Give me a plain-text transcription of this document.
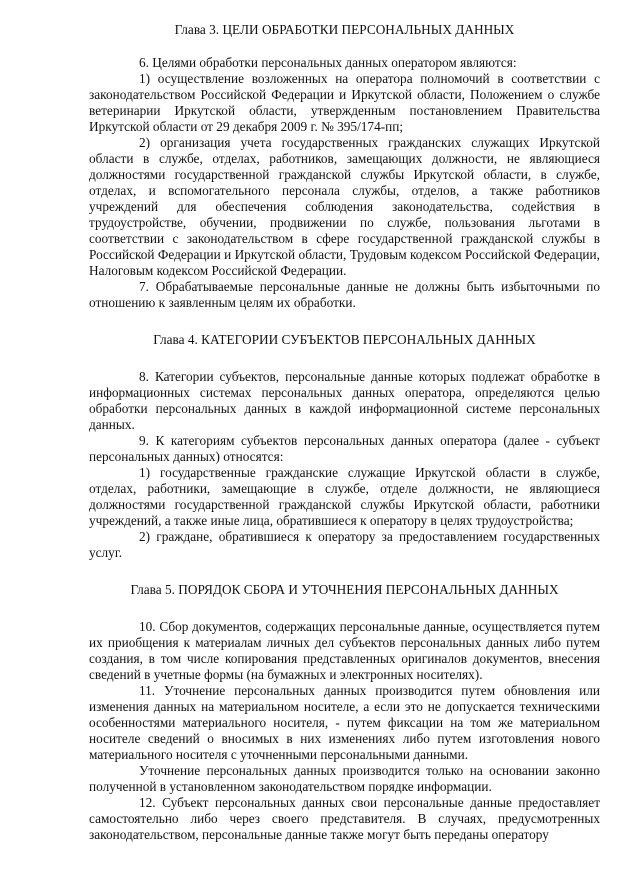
Глава 3. ЦЕЛИ ОБРАБОТКИ ПЕРСОНАЛЬНЫХ ДАННЫХ

6. Целями обработки персональных данных оператором являются:

1) осуществление возложенных на оператора полномочий в соответствии с законодательством Российской Федерации и Иркутской области, Положением о службе ветеринарии Иркутской области, утвержденным постановлением Правительства Иркутской области от 29 декабря 2009 г. № 395/174-пп;

2) организация учета государственных гражданских служащих Иркутской области в службе, отделах, работников, замещающих должности, не являющиеся должностями государственной гражданской службы Иркутской области, в службе, отделах, и вспомогательного персонала службы, отделов, а также работников учреждений для обеспечения соблюдения законодательства, содействия в трудоустройстве, обучении, продвижении по службе, пользования льготами в соответствии с законодательством в сфере государственной гражданской службы в Российской Федерации и Иркутской области, Трудовым кодексом Российской Федерации, Налоговым кодексом Российской Федерации.

7. Обрабатываемые персональные данные не должны быть избыточными по отношению к заявленным целям их обработки.

Глава 4. КАТЕГОРИИ СУБЪЕКТОВ ПЕРСОНАЛЬНЫХ ДАННЫХ

8. Категории субъектов, персональные данные которых подлежат обработке в информационных системах персональных данных оператора, определяются целью обработки персональных данных в каждой информационной системе персональных данных.

9. К категориям субъектов персональных данных оператора (далее - субъект персональных данных) относятся:

1) государственные гражданские служащие Иркутской области в службе, отделах, работники, замещающие в службе, отделе должности, не являющиеся должностями государственной гражданской службы Иркутской области, работники учреждений, а также иные лица, обратившиеся к оператору в целях трудоустройства;

2) граждане, обратившиеся к оператору за предоставлением государственных услуг.

Глава 5. ПОРЯДОК СБОРА И УТОЧНЕНИЯ ПЕРСОНАЛЬНЫХ ДАННЫХ

10. Сбор документов, содержащих персональные данные, осуществляется путем их приобщения к материалам личных дел субъектов персональных данных либо путем создания, в том числе копирования представленных оригиналов документов, внесения сведений в учетные формы (на бумажных и электронных носителях).

11. Уточнение персональных данных производится путем обновления или изменения данных на материальном носителе, а если это не допускается техническими особенностями материального носителя, - путем фиксации на том же материальном носителе сведений о вносимых в них изменениях либо путем изготовления нового материального носителя с уточненными персональными данными.

Уточнение персональных данных производится только на основании законно полученной в установленном законодательством порядке информации.

12. Субъект персональных данных свои персональные данные предоставляет самостоятельно либо через своего представителя. В случаях, предусмотренных законодательством, персональные данные также могут быть переданы оператору
